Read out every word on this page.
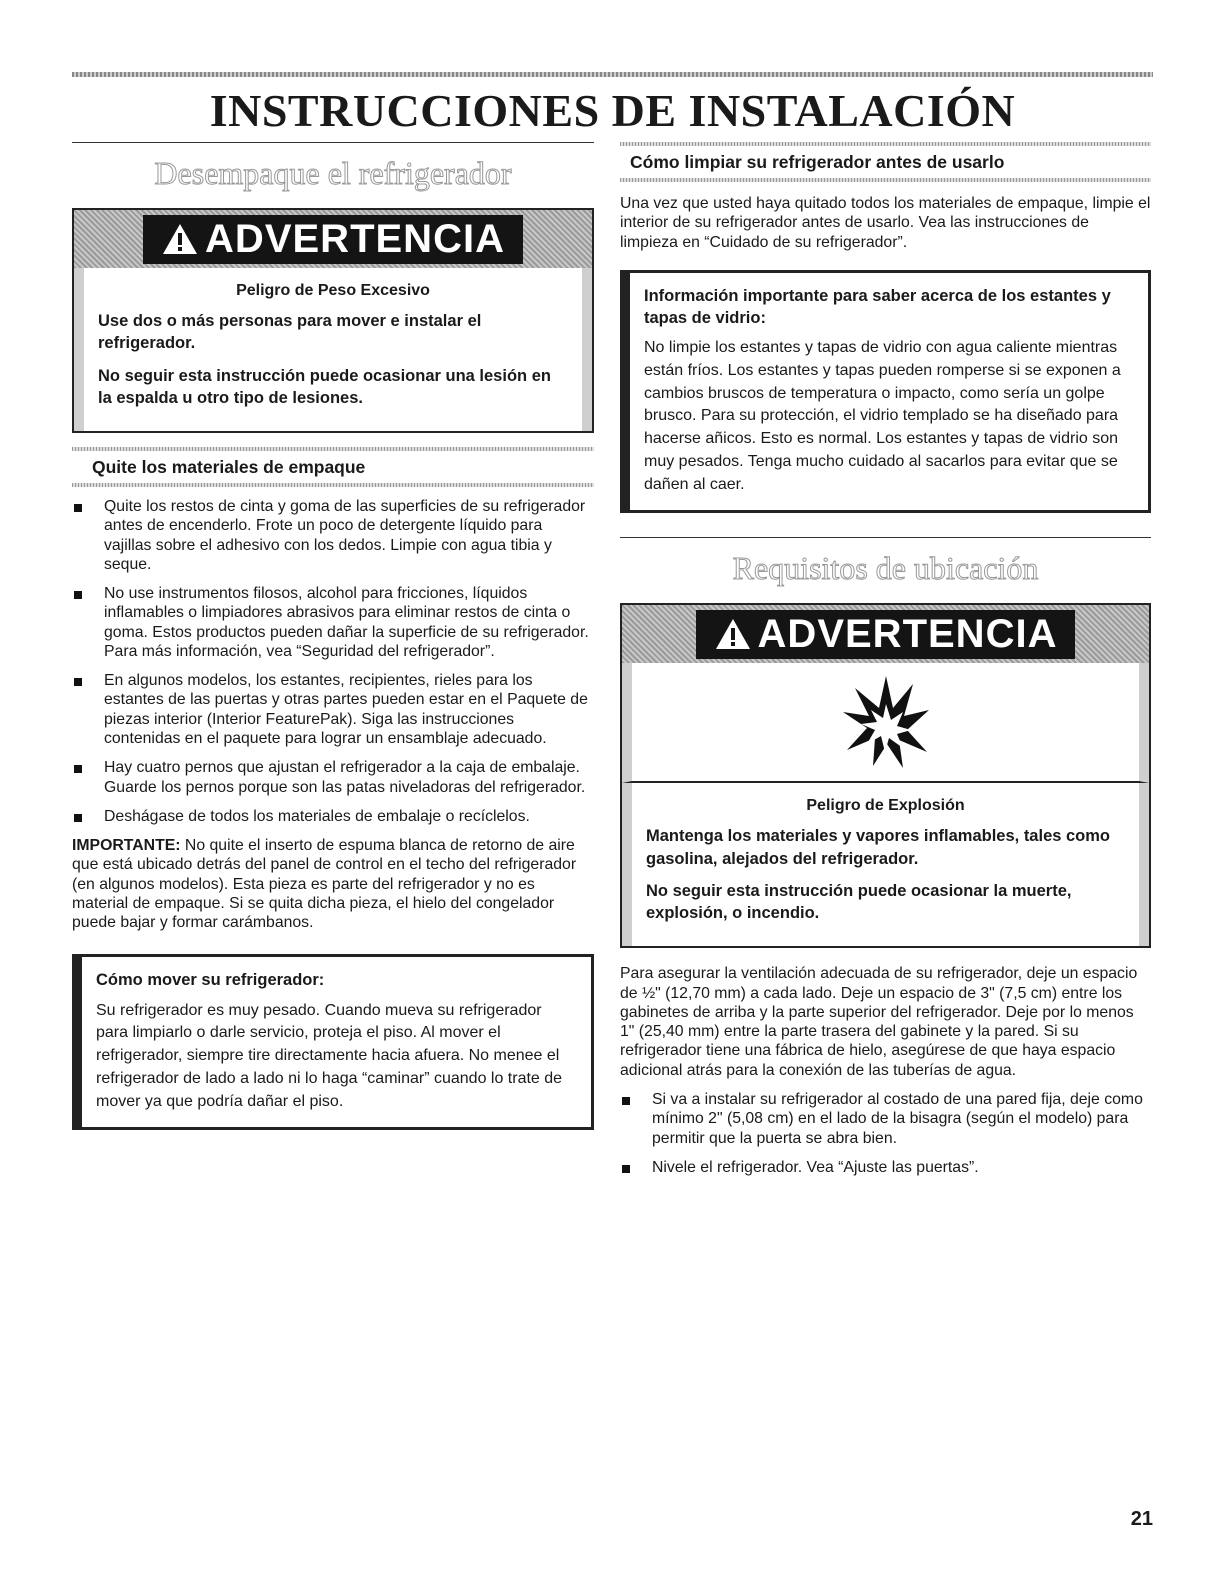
INSTRUCCIONES DE INSTALACIÓN
Desempaque el refrigerador
ADVERTENCIA
Peligro de Peso Excesivo

Use dos o más personas para mover e instalar el refrigerador.

No seguir esta instrucción puede ocasionar una lesión en la espalda u otro tipo de lesiones.

Quite los materiales de empaque
Quite los restos de cinta y goma de las superficies de su refrigerador antes de encenderlo. Frote un poco de detergente líquido para vajillas sobre el adhesivo con los dedos. Limpie con agua tibia y seque.
No use instrumentos filosos, alcohol para fricciones, líquidos inflamables o limpiadores abrasivos para eliminar restos de cinta o goma. Estos productos pueden dañar la superficie de su refrigerador. Para más información, vea “Seguridad del refrigerador”.
En algunos modelos, los estantes, recipientes, rieles para los estantes de las puertas y otras partes pueden estar en el Paquete de piezas interior (Interior FeaturePak). Siga las instrucciones contenidas en el paquete para lograr un ensamblaje adecuado.
Hay cuatro pernos que ajustan el refrigerador a la caja de embalaje. Guarde los pernos porque son las patas niveladoras del refrigerador.
Deshágase de todos los materiales de embalaje o recíclelos.

IMPORTANTE: No quite el inserto de espuma blanca de retorno de aire que está ubicado detrás del panel de control en el techo del refrigerador (en algunos modelos). Esta pieza es parte del refrigerador y no es material de empaque. Si se quita dicha pieza, el hielo del congelador puede bajar y formar carámbanos.

Cómo mover su refrigerador:

Su refrigerador es muy pesado. Cuando mueva su refrigerador para limpiarlo o darle servicio, proteja el piso. Al mover el refrigerador, siempre tire directamente hacia afuera. No menee el refrigerador de lado a lado ni lo haga “caminar” cuando lo trate de mover ya que podría dañar el piso.

Cómo limpiar su refrigerador antes de usarlo

Una vez que usted haya quitado todos los materiales de empaque, limpie el interior de su refrigerador antes de usarlo. Vea las instrucciones de limpieza en “Cuidado de su refrigerador”.

Información importante para saber acerca de los estantes y tapas de vidrio:

No limpie los estantes y tapas de vidrio con agua caliente mientras están fríos. Los estantes y tapas pueden romperse si se exponen a cambios bruscos de temperatura o impacto, como sería un golpe brusco. Para su protección, el vidrio templado se ha diseñado para hacerse añicos. Esto es normal. Los estantes y tapas de vidrio son muy pesados. Tenga mucho cuidado al sacarlos para evitar que se dañen al caer.

Requisitos de ubicación
ADVERTENCIA
Peligro de Explosión

Mantenga los materiales y vapores inflamables, tales como gasolina, alejados del refrigerador.

No seguir esta instrucción puede ocasionar la muerte, explosión, o incendio.

Para asegurar la ventilación adecuada de su refrigerador, deje un espacio de ½" (12,70 mm) a cada lado. Deje un espacio de 3" (7,5 cm) entre los gabinetes de arriba y la parte superior del refrigerador. Deje por lo menos 1" (25,40 mm) entre la parte trasera del gabinete y la pared. Si su refrigerador tiene una fábrica de hielo, asegúrese de que haya espacio adicional atrás para la conexión de las tuberías de agua.

Si va a instalar su refrigerador al costado de una pared fija, deje como mínimo 2" (5,08 cm) en el lado de la bisagra (según el modelo) para permitir que la puerta se abra bien.
Nivele el refrigerador. Vea “Ajuste las puertas”.
21
